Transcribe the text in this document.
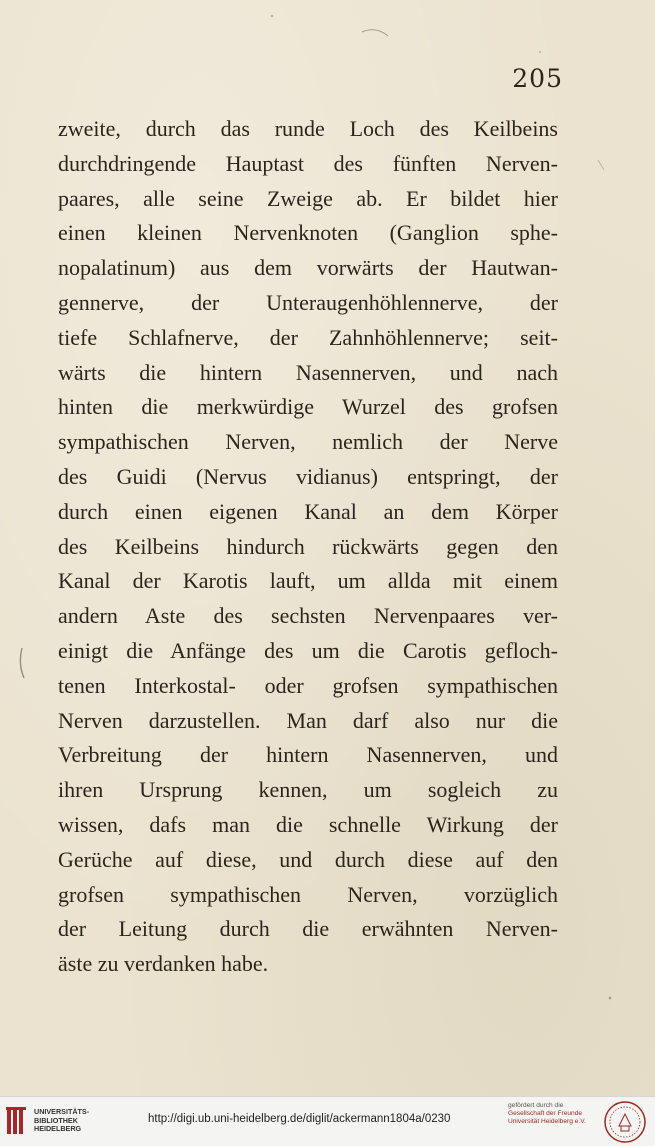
205
zweite, durch das runde Loch des Keilbeins
durchdringende Hauptast des fünften Nerven-
paares, alle seine Zweige ab. Er bildet hier
einen kleinen Nervenknoten (Ganglion sphe-
nopalatinum) aus dem vorwärts der Hautwan-
gennerve, der Unteraugenhöhlennerve, der
tiefe Schlafnerve, der Zahnhöhlennerve; seit-
wärts die hintern Nasennerven, und nach
hinten die merkwürdige Wurzel des grofsen
sympathischen Nerven, nemlich der Nerve
des Guidi (Nervus vidianus) entspringt, der
durch einen eigenen Kanal an dem Körper
des Keilbeins hindurch rückwärts gegen den
Kanal der Karotis lauft, um allda mit einem
andern Aste des sechsten Nervenpaares ver-
einigt die Anfänge des um die Carotis gefloch-
tenen Interkostal- oder grofsen sympathischen
Nerven darzustellen. Man darf also nur die
Verbreitung der hintern Nasennerven, und
ihren Ursprung kennen, um sogleich zu
wissen, dafs man die schnelle Wirkung der
Gerüche auf diese, und durch diese auf den
grofsen sympathischen Nerven, vorzüglich
der Leitung durch die erwähnten Nerven-
äste zu verdanken habe.

UNIVERSITÄTS-
BIBLIOTHEK
HEIDELBERG
http://digi.ub.uni-heidelberg.de/diglit/ackermann1804a/0230
gefördert durch die
Gesellschaft der Freunde
Universität Heidelberg e.V.
